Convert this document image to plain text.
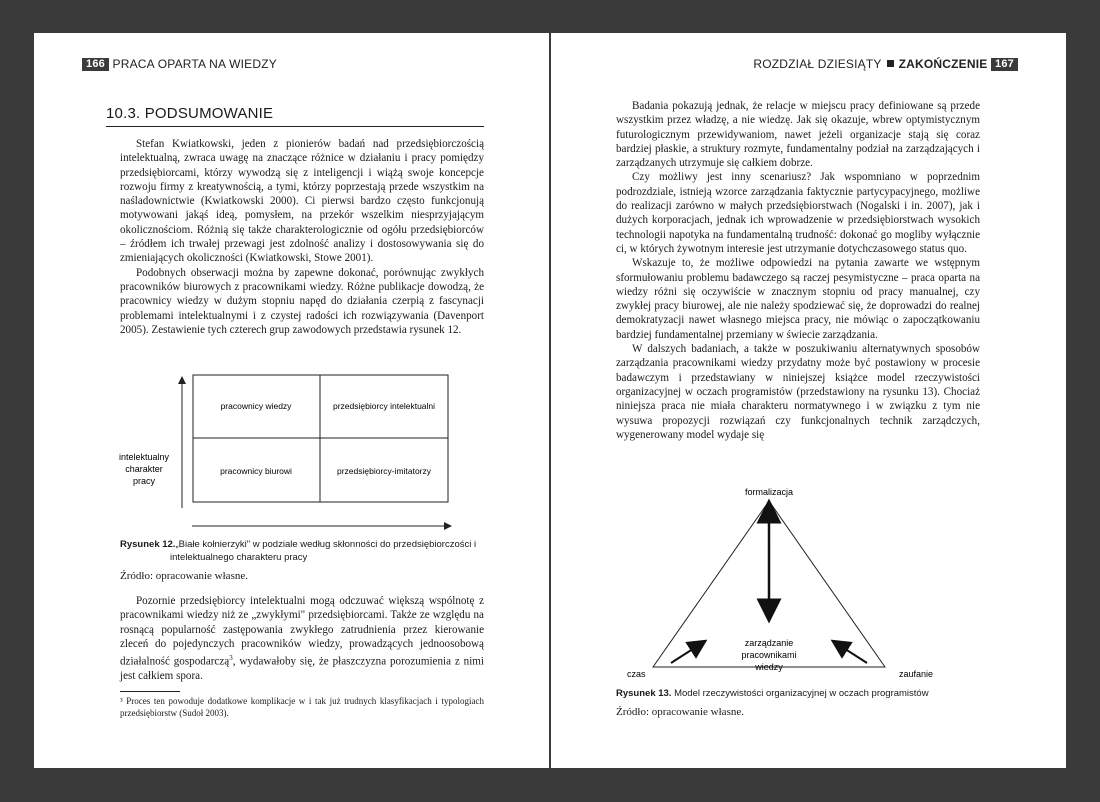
166 PRACA OPARTA NA WIEDZY
10.3. PODSUMOWANIE

Stefan Kwiatkowski, jeden z pionierów badań nad przedsiębiorczością intelektualną, zwraca uwagę na znaczące różnice w działaniu i pracy pomiędzy przedsiębiorcami, którzy wywodzą się z inteligencji i wiążą swoje koncepcje rozwoju firmy z kreatywnością, a tymi, którzy poprzestają przede wszystkim na naśladownictwie (Kwiatkowski 2000). Ci pierwsi bardzo często funkcjonują motywowani jakąś ideą, pomysłem, na przekór wszelkim niesprzyjającym okolicznościom. Różnią się także charakterologicznie od ogółu przedsiębiorców – źródłem ich trwałej przewagi jest zdolność analizy i dostosowywania się do zmieniających okoliczności (Kwiatkowski, Stowe 2001).

Podobnych obserwacji można by zapewne dokonać, porównując zwykłych pracowników biurowych z pracownikami wiedzy. Różne publikacje dowodzą, że pracownicy wiedzy w dużym stopniu napęd do działania czerpią z fascynacji problemami intelektualnymi i z czystej radości ich rozwiązywania (Davenport 2005). Zestawienie tych czterech grup zawodowych przedstawia rysunek 12.

pracownicy wiedzy	przedsiębiorcy intelektualni
pracownicy biurowi	przedsiębiorcy-imitatorzy
intelektualny
charakter
pracy
Rysunek 12.„Białe kołnierzyki" w podziale według skłonności do przedsiębiorczości i
intelektualnego charakteru pracy
Źródło: opracowanie własne.

Pozornie przedsiębiorcy intelektualni mogą odczuwać większą wspólnotę z pracownikami wiedzy niż ze „zwykłymi" przedsiębiorcami. Także ze względu na rosnącą popularność zastępowania zwykłego zatrudnienia przez kierowanie zleceń do pojedynczych pracowników wiedzy, prowadzących jednoosobową działalność gospodarczą$^3$, wydawałoby się, że płaszczyzna porozumienia z nimi jest całkiem spora.

³ Proces ten powoduje dodatkowe komplikacje w i tak już trudnych klasyfikacjach i typologiach przedsiębiorstw (Sudoł 2003).
ROZDZIAŁ DZIESIĄTY ZAKOŃCZENIE 167

Badania pokazują jednak, że relacje w miejscu pracy definiowane są przede wszystkim przez władzę, a nie wiedzę. Jak się okazuje, wbrew optymistycznym futurologicznym przewidywaniom, nawet jeżeli organizacje stają się coraz bardziej płaskie, a struktury rozmyte, fundamentalny podział na zarządzających i zarządzanych utrzymuje się całkiem dobrze.

Czy możliwy jest inny scenariusz? Jak wspomniano w poprzednim podrozdziale, istnieją wzorce zarządzania faktycznie partycypacyjnego, możliwe do realizacji zarówno w małych przedsiębiorstwach (Nogalski i in. 2007), jak i dużych korporacjach, jednak ich wprowadzenie w przedsiębiorstwach wysokich technologii napotyka na fundamentalną trudność: dokonać go mogliby wyłącznie ci, w których żywotnym interesie jest utrzymanie dotychczasowego status quo.

Wskazuje to, że możliwe odpowiedzi na pytania zawarte we wstępnym sformułowaniu problemu badawczego są raczej pesymistyczne – praca oparta na wiedzy różni się oczywiście w znacznym stopniu od pracy manualnej, czy zwykłej pracy biurowej, ale nie należy spodziewać się, że doprowadzi do realnej demokratyzacji nawet własnego miejsca pracy, nie mówiąc o zapoczątkowaniu bardziej fundamentalnej przemiany w świecie zarządzania.

W dalszych badaniach, a także w poszukiwaniu alternatywnych sposobów zarządzania pracownikami wiedzy przydatny może być postawiony w procesie badawczym i przedstawiany w niniejszej książce model rzeczywistości organizacyjnej w oczach programistów (przedstawiony na rysunku 13). Chociaż niniejsza praca nie miała charakteru normatywnego i w związku z tym nie wysuwa propozycji rozwiązań czy funkcjonalnych technik zarządczych, wygenerowany model wydaje się

formalizacja
zarządzanie
pracownikami
wiedzy
czas	zaufanie
Rysunek 13. Model rzeczywistości organizacyjnej w oczach programistów
Źródło: opracowanie własne.
